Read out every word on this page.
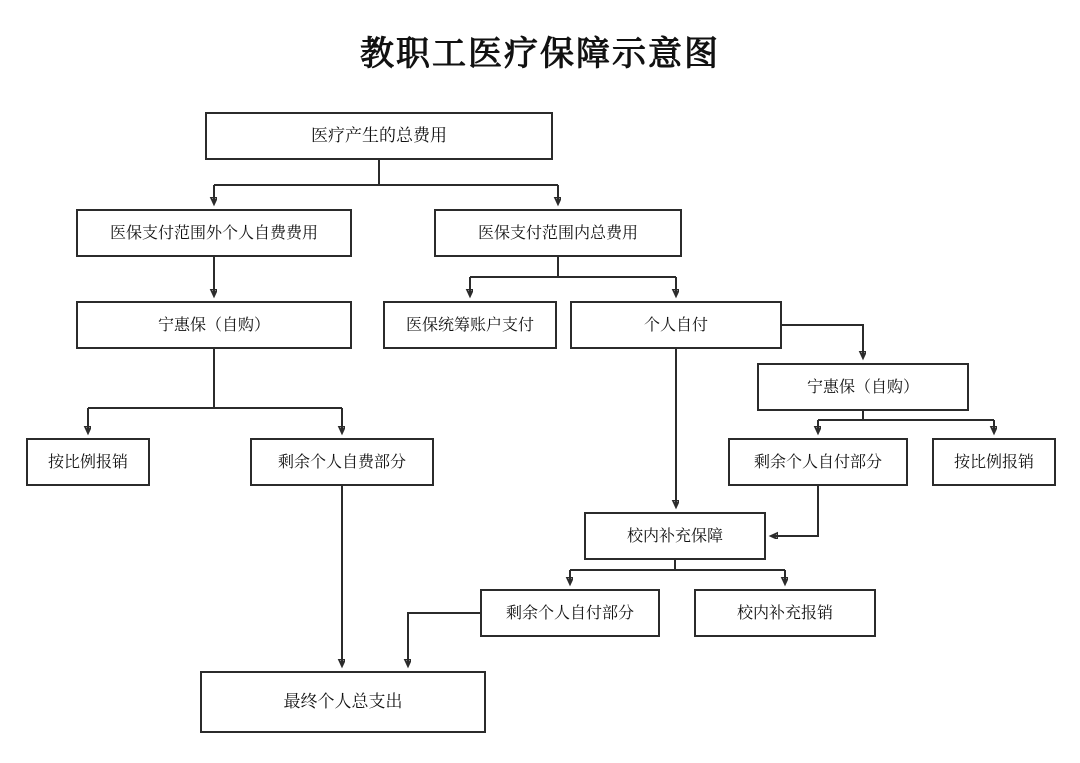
教职工医疗保障示意图
医疗产生的总费用
医保支付范围外个人自费费用	医保支付范围内总费用
宁惠保（自购）	医保统筹账户支付	个人自付
宁惠保（自购）
按比例报销	剩余个人自费部分	剩余个人自付部分	按比例报销
校内补充保障
剩余个人自付部分	校内补充报销
最终个人总支出
